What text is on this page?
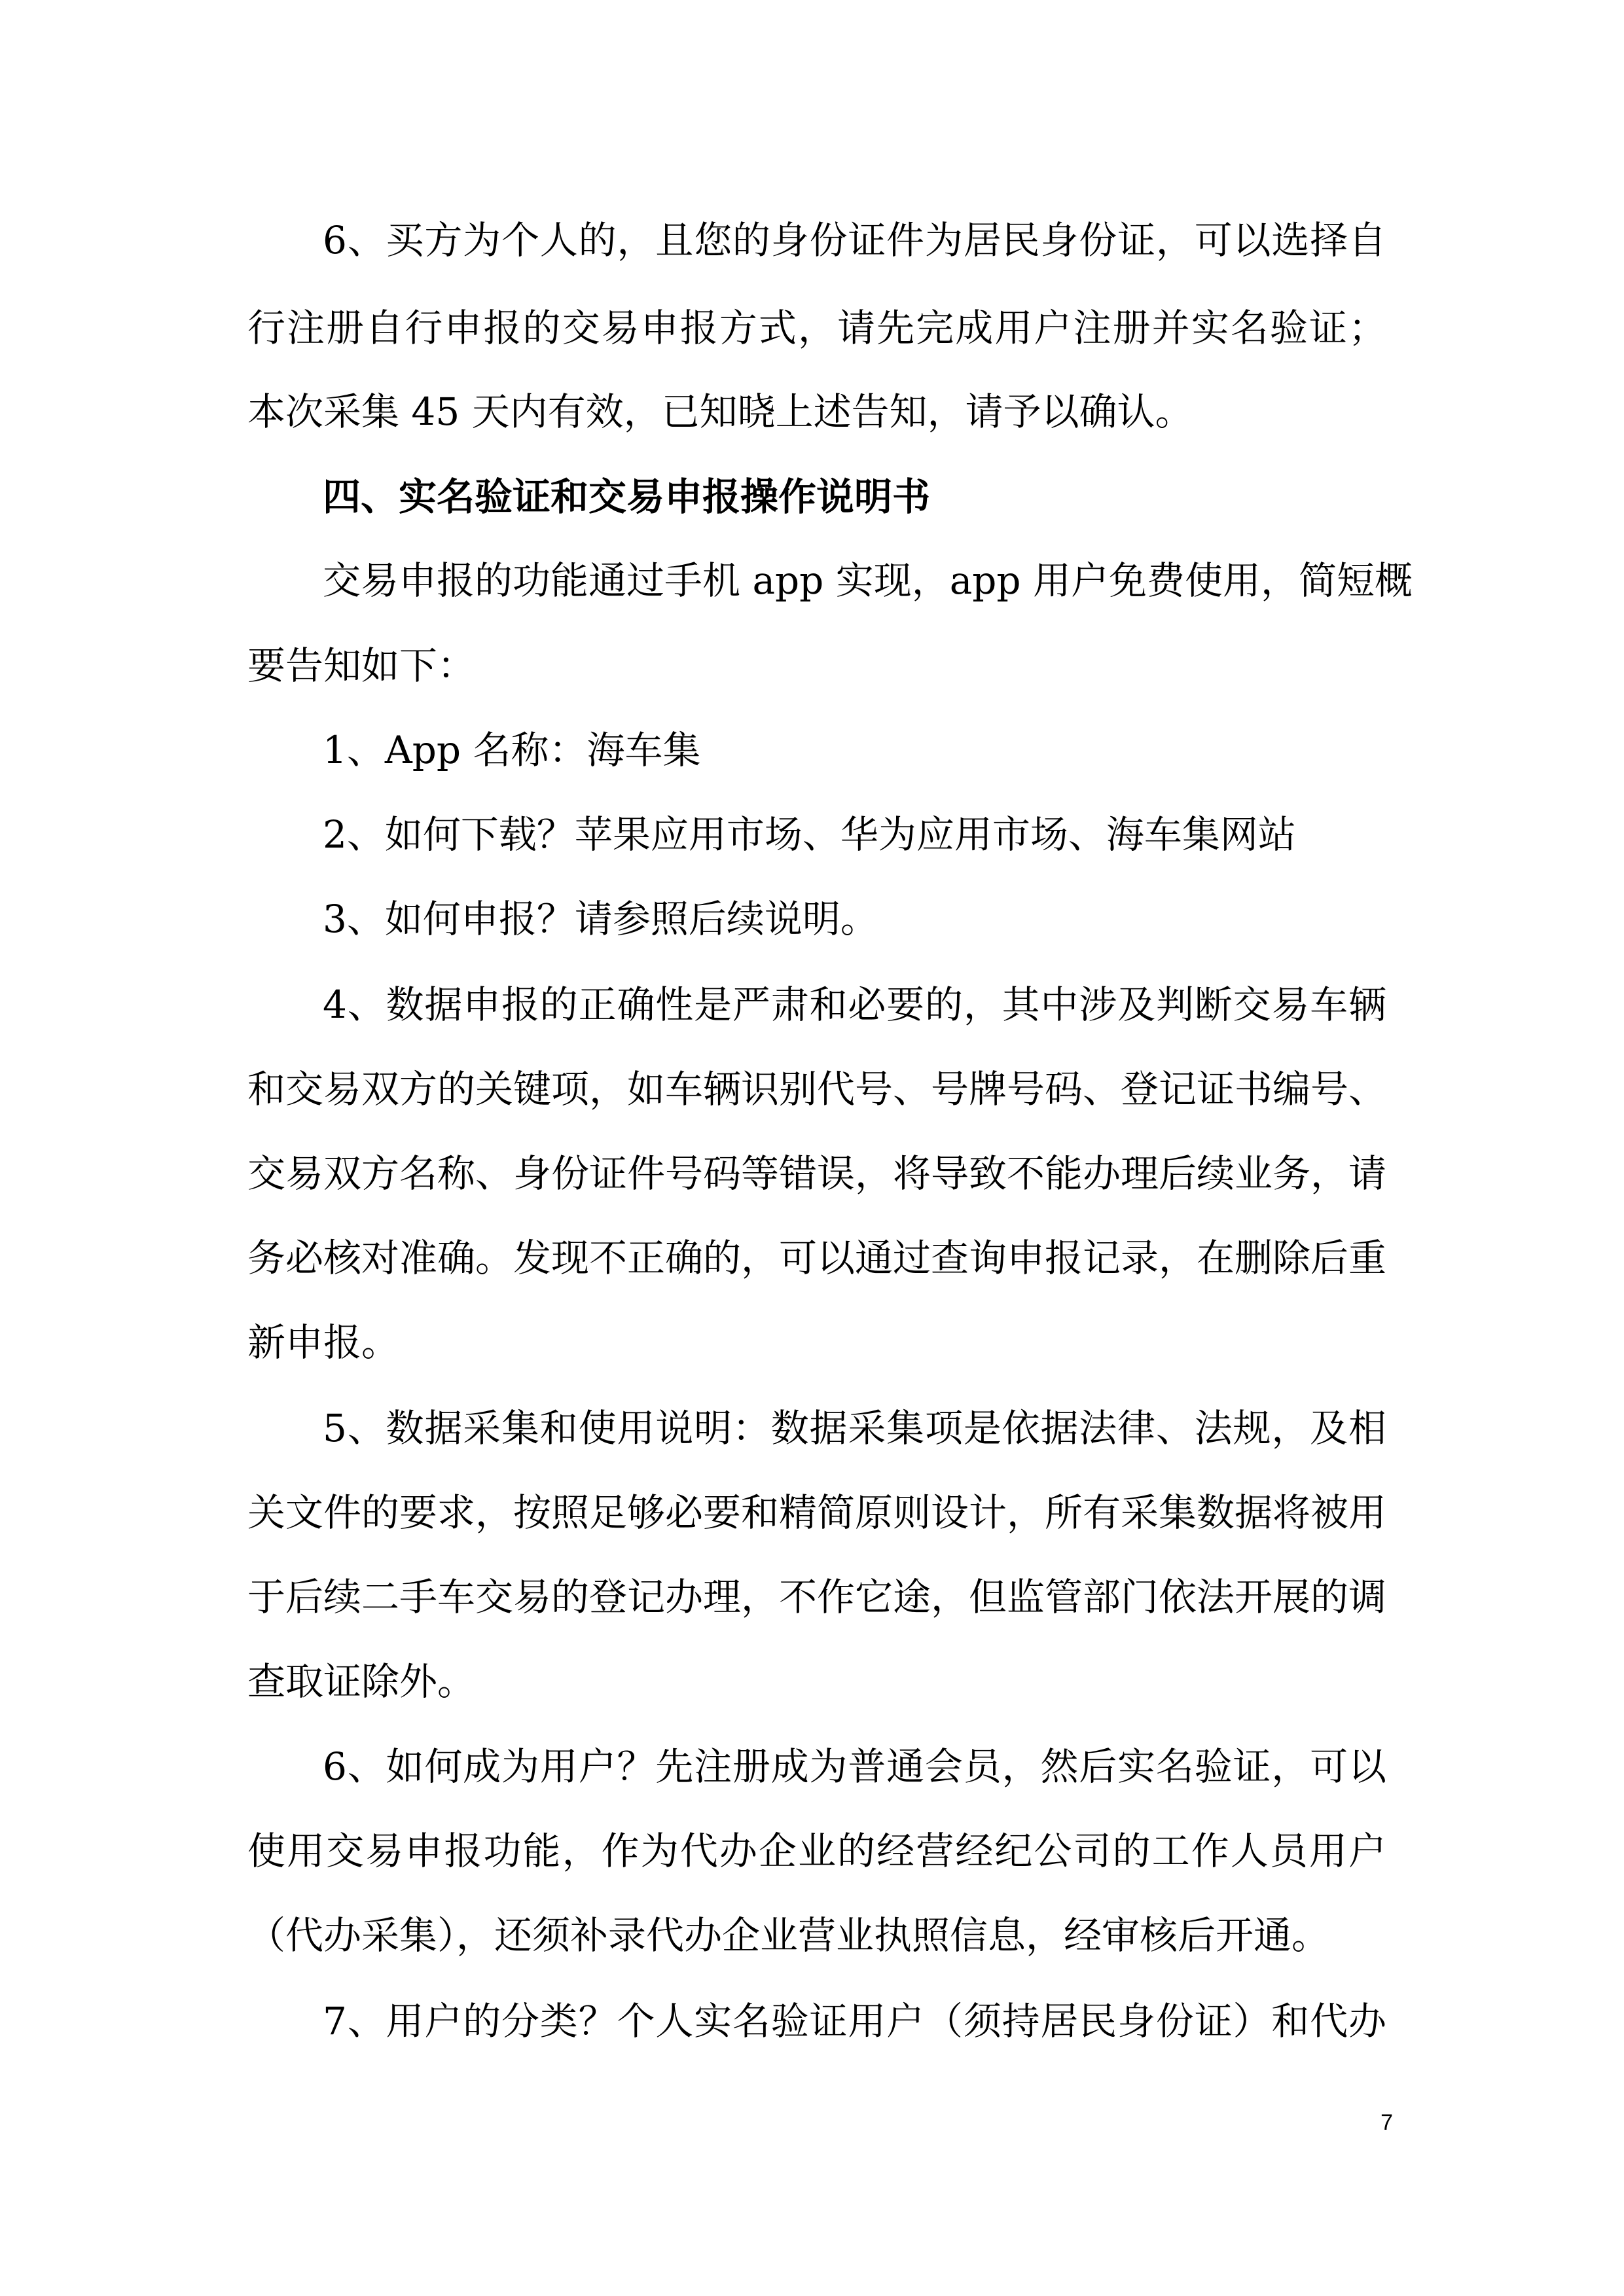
6、买方为个人的，且您的身份证件为居民身份证，可以选择自
行注册自行申报的交易申报方式，请先完成用户注册并实名验证；
本次采集 45 天内有效，已知晓上述告知，请予以确认。
四、实名验证和交易申报操作说明书
交易申报的功能通过手机 app 实现，app 用户免费使用，简短概
要告知如下：
1、App 名称：海车集
2、如何下载？苹果应用市场、华为应用市场、海车集网站
3、如何申报？请参照后续说明。
4、数据申报的正确性是严肃和必要的，其中涉及判断交易车辆
和交易双方的关键项，如车辆识别代号、号牌号码、登记证书编号、
交易双方名称、身份证件号码等错误，将导致不能办理后续业务，请
务必核对准确。发现不正确的，可以通过查询申报记录，在删除后重
新申报。
5、数据采集和使用说明：数据采集项是依据法律、法规，及相
关文件的要求，按照足够必要和精简原则设计，所有采集数据将被用
于后续二手车交易的登记办理，不作它途，但监管部门依法开展的调
查取证除外。
6、如何成为用户？先注册成为普通会员，然后实名验证，可以
使用交易申报功能，作为代办企业的经营经纪公司的工作人员用户
（代办采集），还须补录代办企业营业执照信息，经审核后开通。
7、用户的分类？个人实名验证用户（须持居民身份证）和代办
7
